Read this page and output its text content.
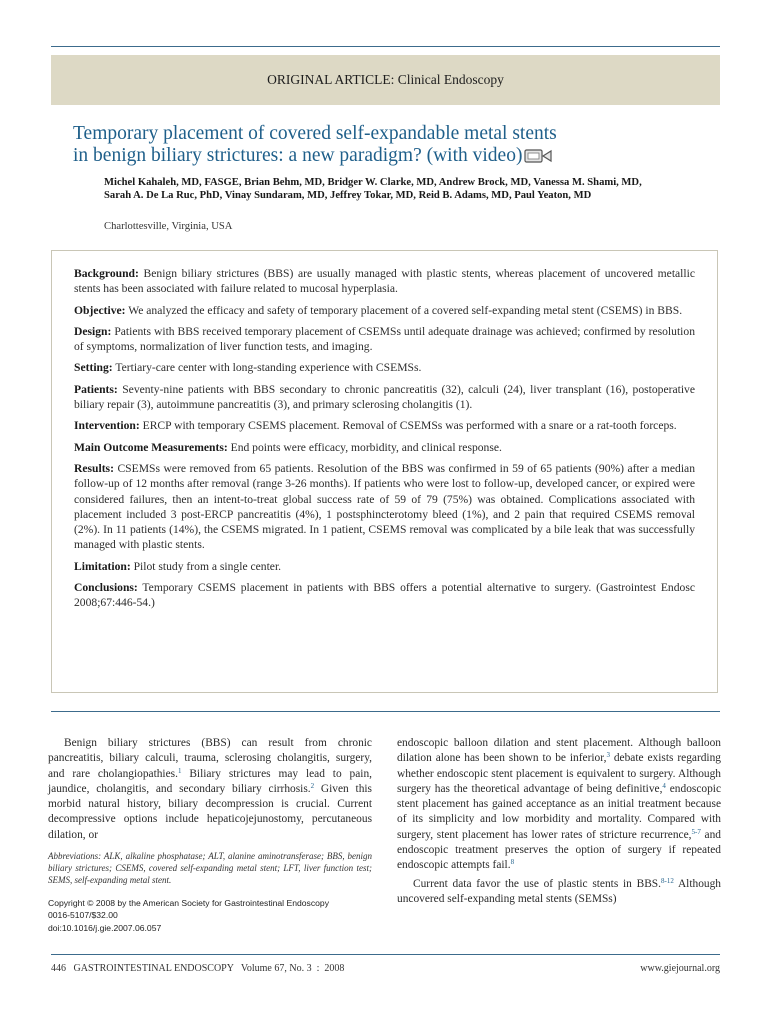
ORIGINAL ARTICLE: Clinical Endoscopy
Temporary placement of covered self-expandable metal stents
in benign biliary strictures: a new paradigm? (with video)
Michel Kahaleh, MD, FASGE, Brian Behm, MD, Bridger W. Clarke, MD, Andrew Brock, MD, Vanessa M. Shami, MD, Sarah A. De La Ruc, PhD, Vinay Sundaram, MD, Jeffrey Tokar, MD, Reid B. Adams, MD, Paul Yeaton, MD
Charlottesville, Virginia, USA

Background: Benign biliary strictures (BBS) are usually managed with plastic stents, whereas placement of uncovered metallic stents has been associated with failure related to mucosal hyperplasia.

Objective: We analyzed the efficacy and safety of temporary placement of a covered self-expanding metal stent (CSEMS) in BBS.

Design: Patients with BBS received temporary placement of CSEMSs until adequate drainage was achieved; confirmed by resolution of symptoms, normalization of liver function tests, and imaging.

Setting: Tertiary-care center with long-standing experience with CSEMSs.

Patients: Seventy-nine patients with BBS secondary to chronic pancreatitis (32), calculi (24), liver transplant (16), postoperative biliary repair (3), autoimmune pancreatitis (3), and primary sclerosing cholangitis (1).

Intervention: ERCP with temporary CSEMS placement. Removal of CSEMSs was performed with a snare or a rat-tooth forceps.

Main Outcome Measurements: End points were efficacy, morbidity, and clinical response.

Results: CSEMSs were removed from 65 patients. Resolution of the BBS was confirmed in 59 of 65 patients (90%) after a median follow-up of 12 months after removal (range 3-26 months). If patients who were lost to follow-up, developed cancer, or expired were considered failures, then an intent-to-treat global success rate of 59 of 79 (75%) was obtained. Complications associated with placement included 3 post-ERCP pancreatitis (4%), 1 postsphincterotomy bleed (1%), and 2 pain that required CSEMS removal (2%). In 11 patients (14%), the CSEMS migrated. In 1 patient, CSEMS removal was complicated by a bile leak that was successfully managed with plastic stents.

Limitation: Pilot study from a single center.

Conclusions: Temporary CSEMS placement in patients with BBS offers a potential alternative to surgery. (Gastrointest Endosc 2008;67:446-54.)

Benign biliary strictures (BBS) can result from chronic pancreatitis, biliary calculi, trauma, sclerosing cholangitis, surgery, and rare cholangiopathies.$^1$ Biliary strictures may lead to pain, jaundice, cholangitis, and secondary biliary cirrhosis.$^2$ Given this morbid natural history, biliary decompression is crucial. Current decompressive options include hepaticojejunostomy, percutaneous dilation, or

Abbreviations: ALK, alkaline phosphatase; ALT, alanine aminotransferase; BBS, benign biliary strictures; CSEMS, covered self-expanding metal stent; LFT, liver function test; SEMS, self-expanding metal stent.

Copyright © 2008 by the American Society for Gastrointestinal Endoscopy
0016-5107/$32.00
doi:10.1016/j.gie.2007.06.057

endoscopic balloon dilation and stent placement. Although balloon dilation alone has been shown to be inferior,$^3$ debate exists regarding whether endoscopic stent placement is equivalent to surgery. Although surgery has the theoretical advantage of being definitive,$^4$ endoscopic stent placement has gained acceptance as an initial treatment because of its simplicity and low morbidity and mortality. Compared with surgery, stent placement has lower rates of stricture recurrence,$^{5-7}$ and endoscopic treatment preserves the option of surgery if repeated endoscopic attempts fail.$^8$

Current data favor the use of plastic stents in BBS.$^{8-12}$ Although uncovered self-expanding metal stents (SEMSs)

446 GASTROINTESTINAL ENDOSCOPY Volume 67, No. 3 : 2008	www.giejournal.org
